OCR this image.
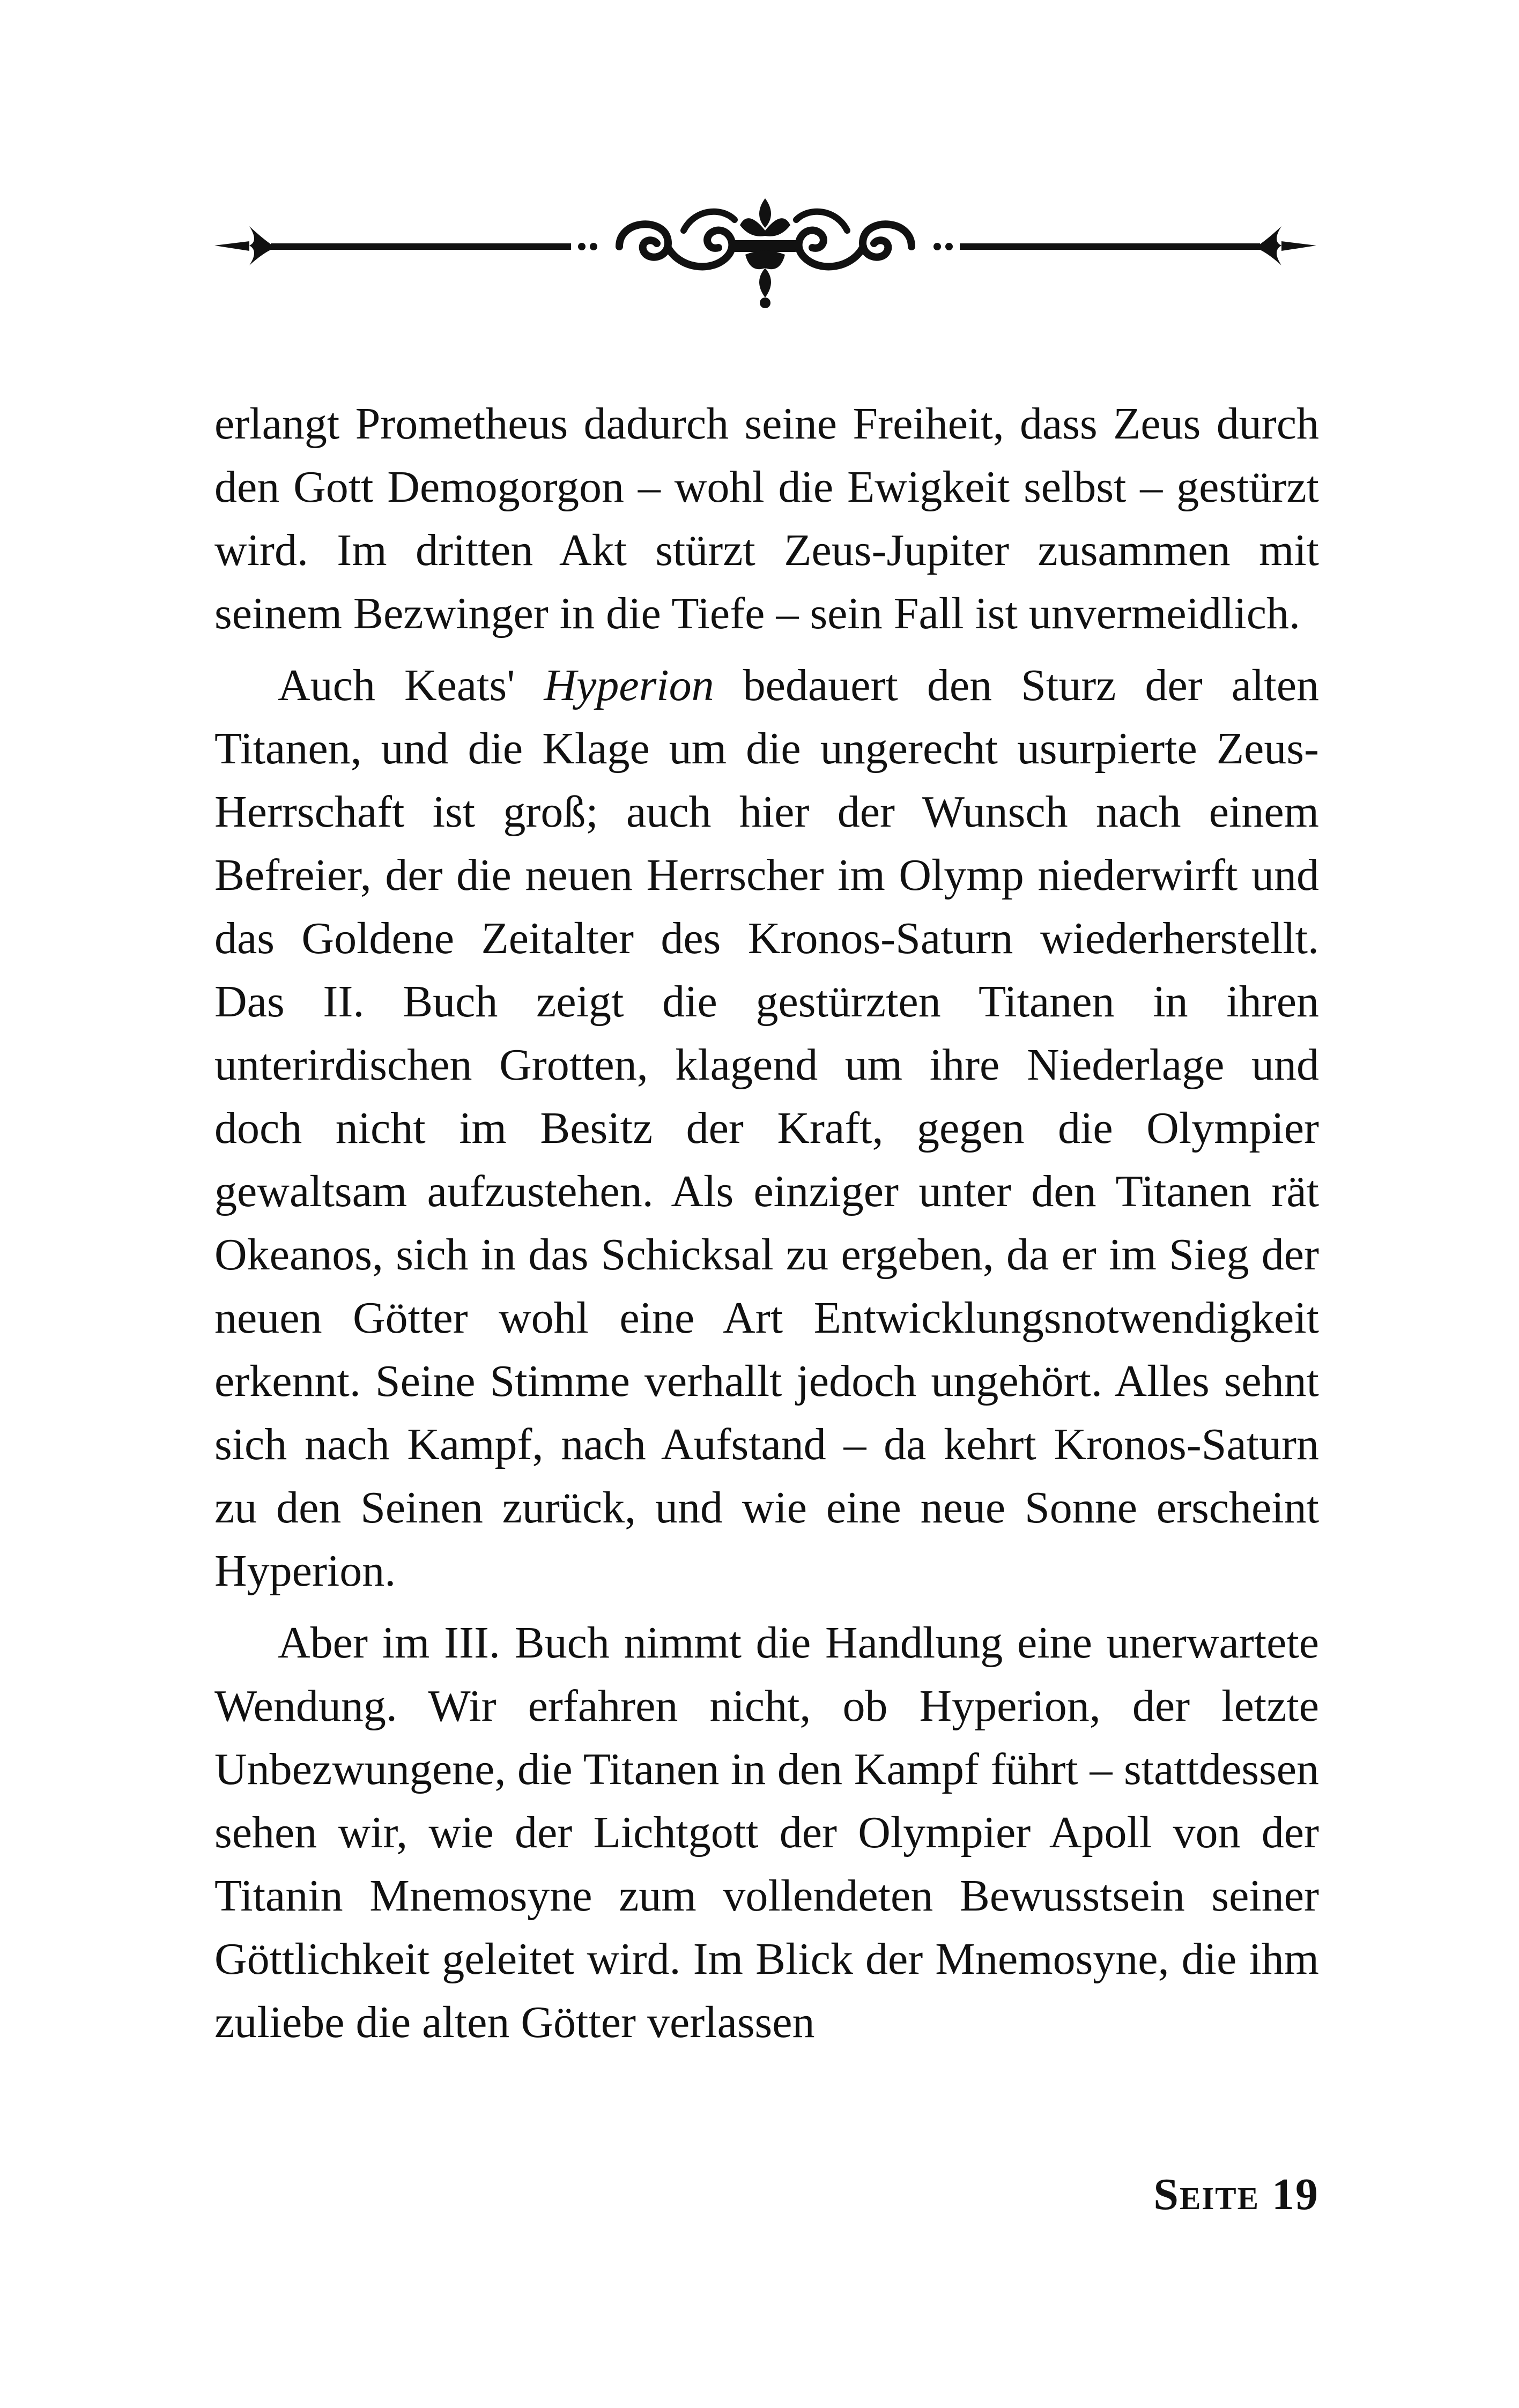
erlangt Prometheus dadurch seine Freiheit, dass Zeus durch den Gott Demogorgon – wohl die Ewigkeit selbst – gestürzt wird. Im dritten Akt stürzt Zeus-Jupiter zusammen mit seinem Bezwinger in die Tiefe – sein Fall ist unvermeidlich.

Auch Keats' Hyperion bedauert den Sturz der alten Titanen, und die Klage um die ungerecht usurpierte Zeus-Herrschaft ist groß; auch hier der Wunsch nach einem Befreier, der die neuen Herrscher im Olymp niederwirft und das Goldene Zeitalter des Kronos-Saturn wiederherstellt. Das II. Buch zeigt die gestürzten Titanen in ihren unterirdischen Grotten, klagend um ihre Niederlage und doch nicht im Besitz der Kraft, gegen die Olympier gewaltsam aufzustehen. Als einziger unter den Titanen rät Okeanos, sich in das Schicksal zu ergeben, da er im Sieg der neuen Götter wohl eine Art Entwicklungsnotwendigkeit erkennt. Seine Stimme verhallt jedoch ungehört. Alles sehnt sich nach Kampf, nach Aufstand – da kehrt Kronos-Saturn zu den Seinen zurück, und wie eine neue Sonne erscheint Hyperion.

Aber im III. Buch nimmt die Handlung eine unerwartete Wendung. Wir erfahren nicht, ob Hyperion, der letzte Unbezwungene, die Titanen in den Kampf führt – stattdessen sehen wir, wie der Lichtgott der Olympier Apoll von der Titanin Mnemosyne zum vollendeten Bewusstsein seiner Göttlichkeit geleitet wird. Im Blick der Mnemosyne, die ihm zuliebe die alten Götter verlassen

Seite 19
